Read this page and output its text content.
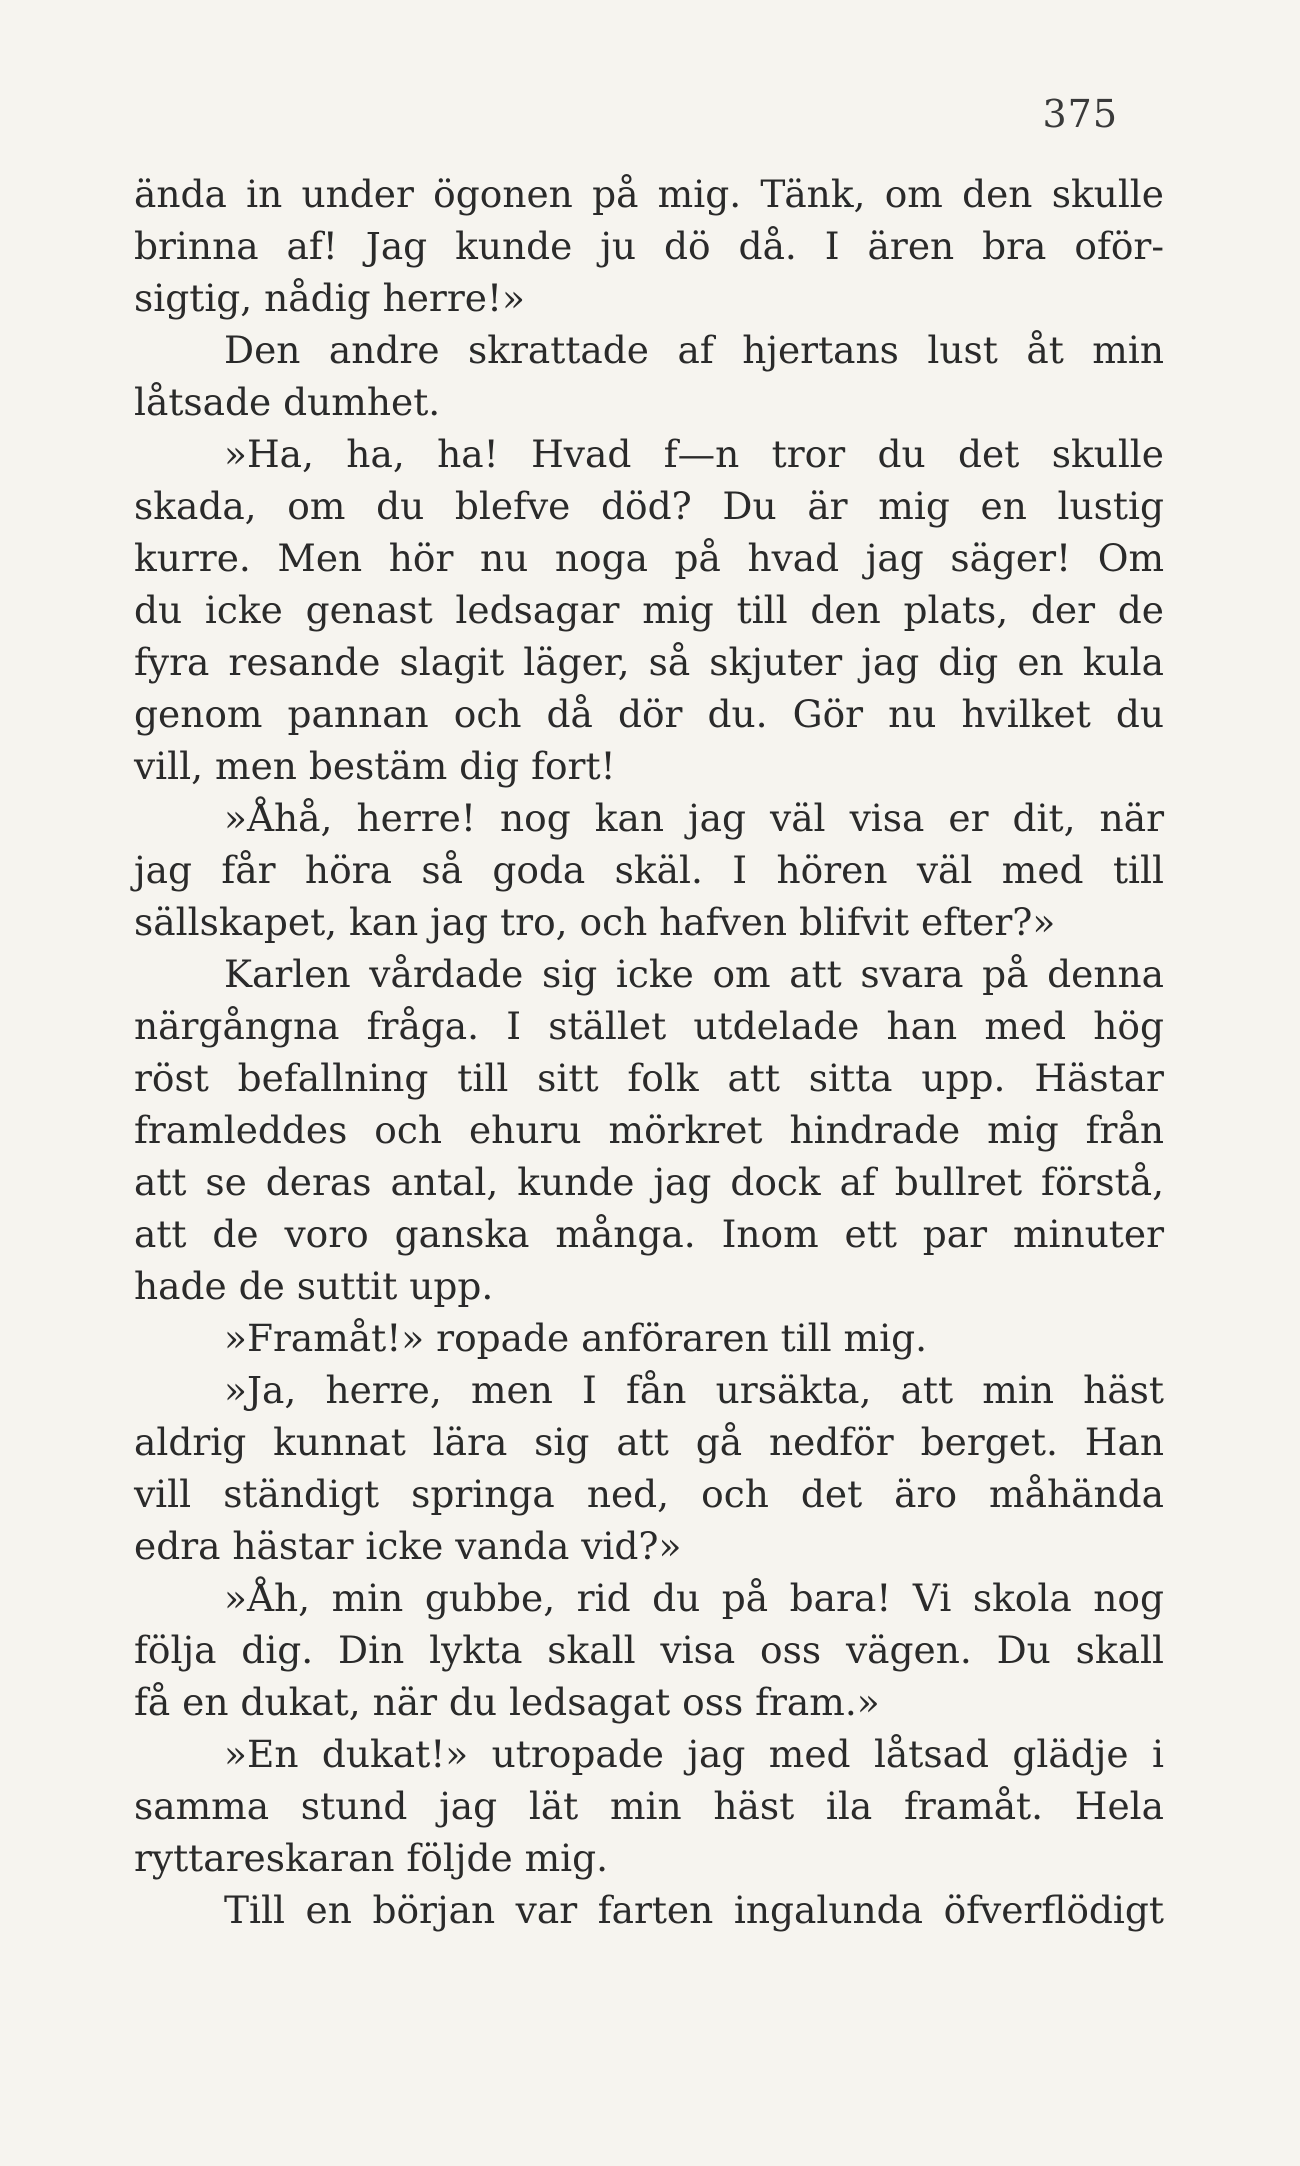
375
ända in under ögonen på mig. Tänk, om den skulle
brinna af! Jag kunde ju dö då. I ären bra oför-
sigtig, nådig herre!»
Den andre skrattade af hjertans lust åt min
låtsade dumhet.
»Ha, ha, ha! Hvad f—n tror du det skulle
skada, om du blefve död? Du är mig en lustig
kurre. Men hör nu noga på hvad jag säger! Om
du icke genast ledsagar mig till den plats, der de
fyra resande slagit läger, så skjuter jag dig en kula
genom pannan och då dör du. Gör nu hvilket du
vill, men bestäm dig fort!
»Åhå, herre! nog kan jag väl visa er dit, när
jag får höra så goda skäl. I hören väl med till
sällskapet, kan jag tro, och hafven blifvit efter?»
Karlen vårdade sig icke om att svara på denna
närgångna fråga. I stället utdelade han med hög
röst befallning till sitt folk att sitta upp. Hästar
framleddes och ehuru mörkret hindrade mig från
att se deras antal, kunde jag dock af bullret förstå,
att de voro ganska många. Inom ett par minuter
hade de suttit upp.
»Framåt!» ropade anföraren till mig.
»Ja, herre, men I fån ursäkta, att min häst
aldrig kunnat lära sig att gå nedför berget. Han
vill ständigt springa ned, och det äro måhända
edra hästar icke vanda vid?»
»Åh, min gubbe, rid du på bara! Vi skola nog
följa dig. Din lykta skall visa oss vägen. Du skall
få en dukat, när du ledsagat oss fram.»
»En dukat!» utropade jag med låtsad glädje i
samma stund jag lät min häst ila framåt. Hela
ryttareskaran följde mig.
Till en början var farten ingalunda öfverflödigt
